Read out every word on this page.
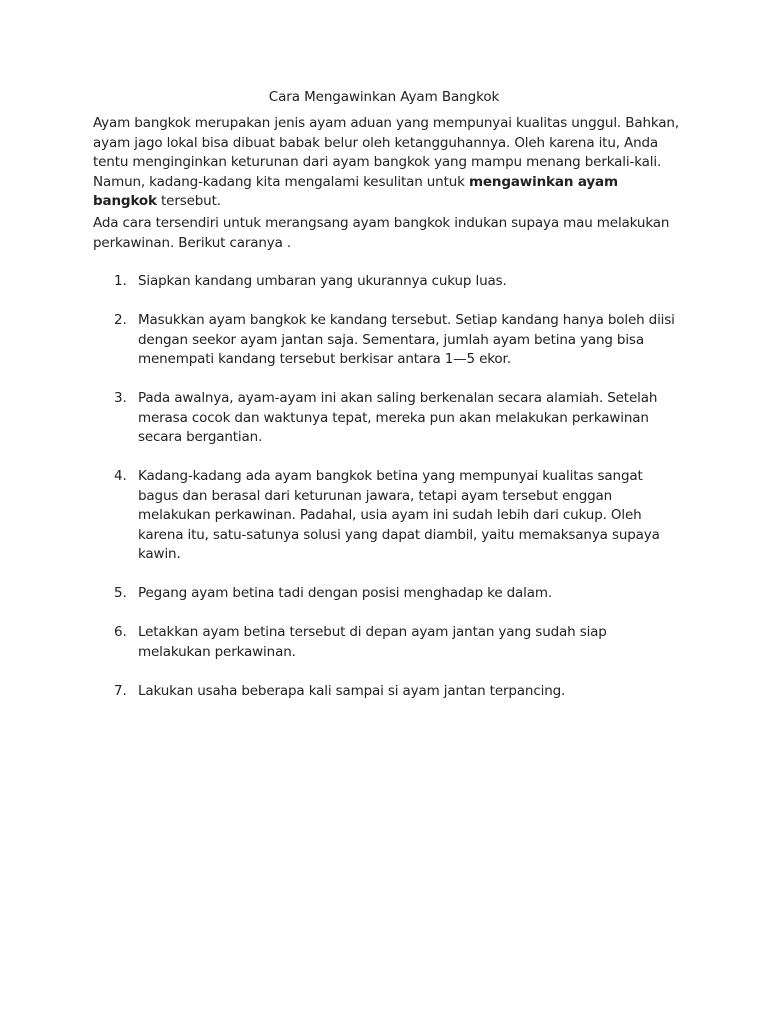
Cara Mengawinkan Ayam Bangkok

Ayam bangkok merupakan jenis ayam aduan yang mempunyai kualitas unggul. Bahkan, ayam jago lokal bisa dibuat babak belur oleh ketangguhannya. Oleh karena itu, Anda tentu menginginkan keturunan dari ayam bangkok yang mampu menang berkali-kali. Namun, kadang-kadang kita mengalami kesulitan untuk mengawinkan ayam bangkok tersebut.

Ada cara tersendiri untuk merangsang ayam bangkok indukan supaya mau melakukan perkawinan. Berikut caranya .

1. Siapkan kandang umbaran yang ukurannya cukup luas.
2. Masukkan ayam bangkok ke kandang tersebut. Setiap kandang hanya boleh diisi dengan seekor ayam jantan saja. Sementara, jumlah ayam betina yang bisa menempati kandang tersebut berkisar antara 1—5 ekor.
3. Pada awalnya, ayam-ayam ini akan saling berkenalan secara alamiah. Setelah merasa cocok dan waktunya tepat, mereka pun akan melakukan perkawinan secara bergantian.
4. Kadang-kadang ada ayam bangkok betina yang mempunyai kualitas sangat bagus dan berasal dari keturunan jawara, tetapi ayam tersebut enggan melakukan perkawinan. Padahal, usia ayam ini sudah lebih dari cukup. Oleh karena itu, satu-satunya solusi yang dapat diambil, yaitu memaksanya supaya kawin.
5. Pegang ayam betina tadi dengan posisi menghadap ke dalam.
6. Letakkan ayam betina tersebut di depan ayam jantan yang sudah siap melakukan perkawinan.
7. Lakukan usaha beberapa kali sampai si ayam jantan terpancing.
